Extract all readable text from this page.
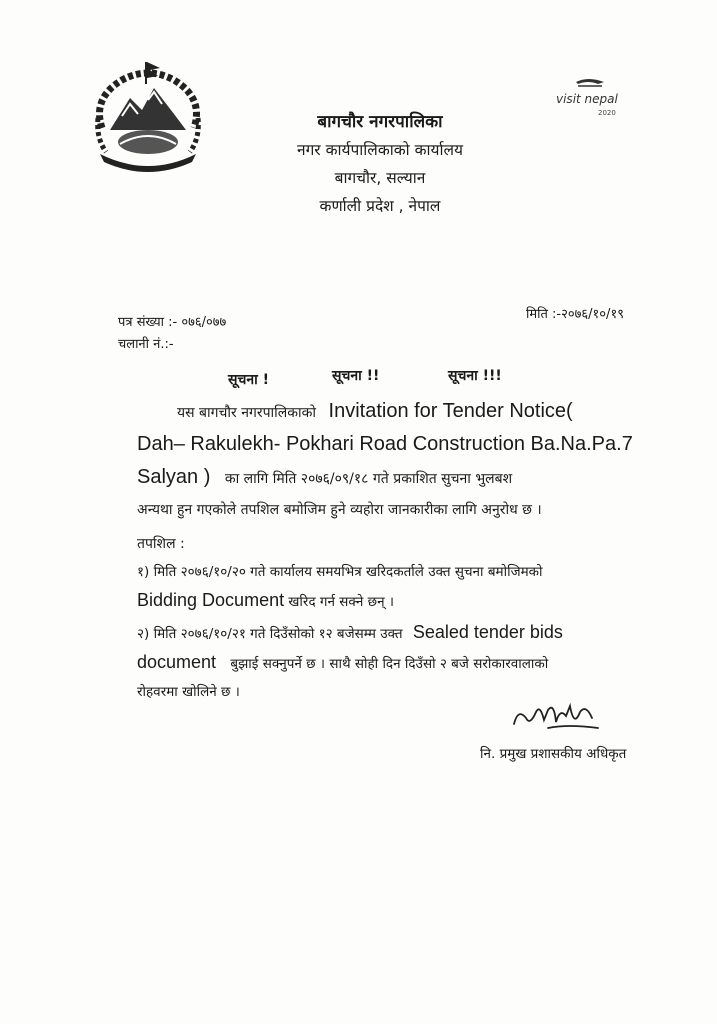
visit nepal
2020
बागचौर नगरपालिका
नगर कार्यपालिकाको कार्यालय
बागचौर, सल्यान
कर्णाली प्रदेश , नेपाल
पत्र संख्या :- ०७६/०७७
चलानी नं.:-
मिति :-२०७६/१०/१९
सूचना !	सूचना !!	सूचना !!!
यस बागचौर नगरपालिकाको Invitation for Tender Notice(
Dah– Rakulekh- Pokhari Road Construction Ba.Na.Pa.7
Salyan ) का लागि मिति २०७६/०९/१८ गते प्रकाशित सुचना भुलबश
अन्यथा हुन गएकोले तपशिल बमोजिम हुने व्यहोरा जानकारीका लागि अनुरोध छ ।
तपशिल :
१) मिति २०७६/१०/२० गते कार्यालय समयभित्र खरिदकर्ताले उक्त सुचना बमोजिमको
Bidding Document खरिद गर्न सक्ने छन् ।
२) मिति २०७६/१०/२१ गते दिउँसोको १२ बजेसम्म उक्त Sealed tender bids
document बुझाई सक्नुपर्ने छ । साथै सोही दिन दिउँसो २ बजे सरोकारवालाको
रोहवरमा खोलिने छ ।
नि. प्रमुख प्रशासकीय अधिकृत
